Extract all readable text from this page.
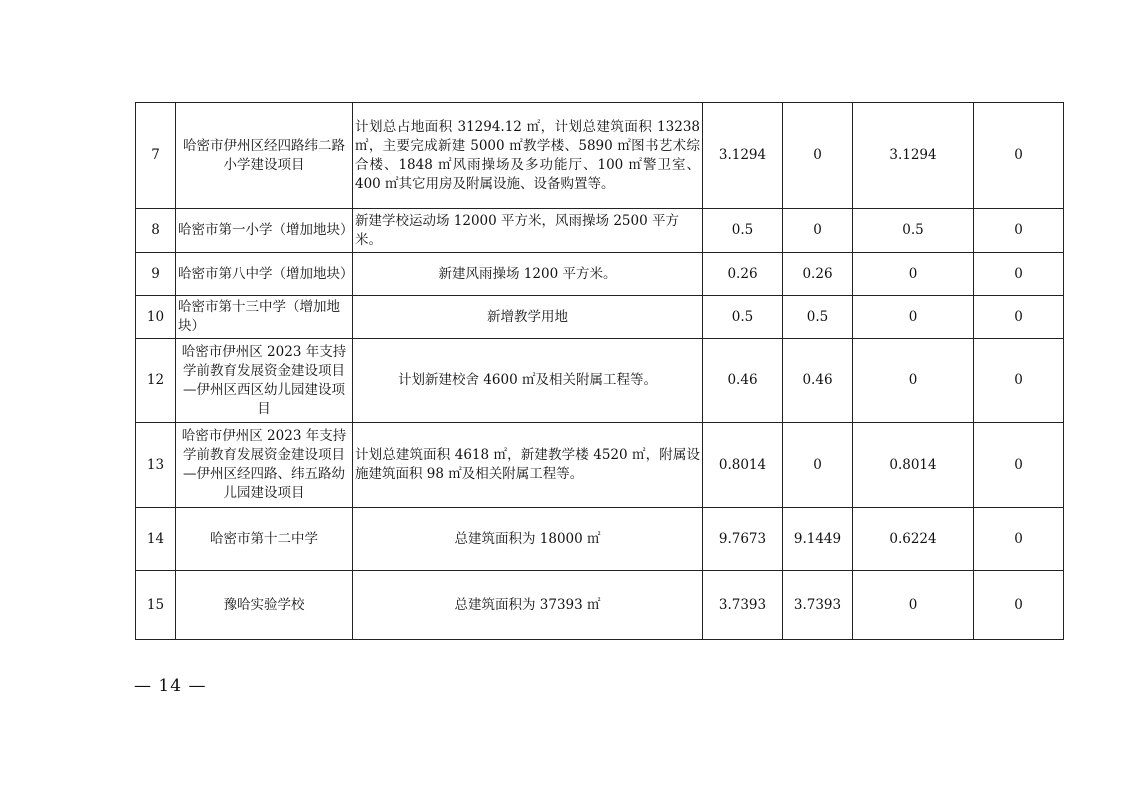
7	哈密市伊州区经四路纬二路小学建设项目	计划总占地面积 31294.12 ㎡，计划总建筑面积 13238 ㎡，主要完成新建 5000 ㎡教学楼、5890 ㎡图书艺术综合楼、1848 ㎡风雨操场及多功能厅、100 ㎡警卫室、400 ㎡其它用房及附属设施、设备购置等。	3.1294	0	3.1294	0
8	哈密市第一小学（增加地块）	新建学校运动场 12000 平方米，风雨操场 2500 平方米。	0.5	0	0.5	0
9	哈密市第八中学（增加地块）	新建风雨操场 1200 平方米。	0.26	0.26	0	0
10	哈密市第十三中学（增加地块）	新增教学用地	0.5	0.5	0	0
12	哈密市伊州区 2023 年支持学前教育发展资金建设项目—伊州区西区幼儿园建设项目	计划新建校舍 4600 ㎡及相关附属工程等。	0.46	0.46	0	0
13	哈密市伊州区 2023 年支持学前教育发展资金建设项目—伊州区经四路、纬五路幼儿园建设项目	计划总建筑面积 4618 ㎡，新建教学楼 4520 ㎡，附属设施建筑面积 98 ㎡及相关附属工程等。	0.8014	0	0.8014	0
14	哈密市第十二中学	总建筑面积为 18000 ㎡	9.7673	9.1449	0.6224	0
15	豫哈实验学校	总建筑面积为 37393 ㎡	3.7393	3.7393	0	0
— 14 —
